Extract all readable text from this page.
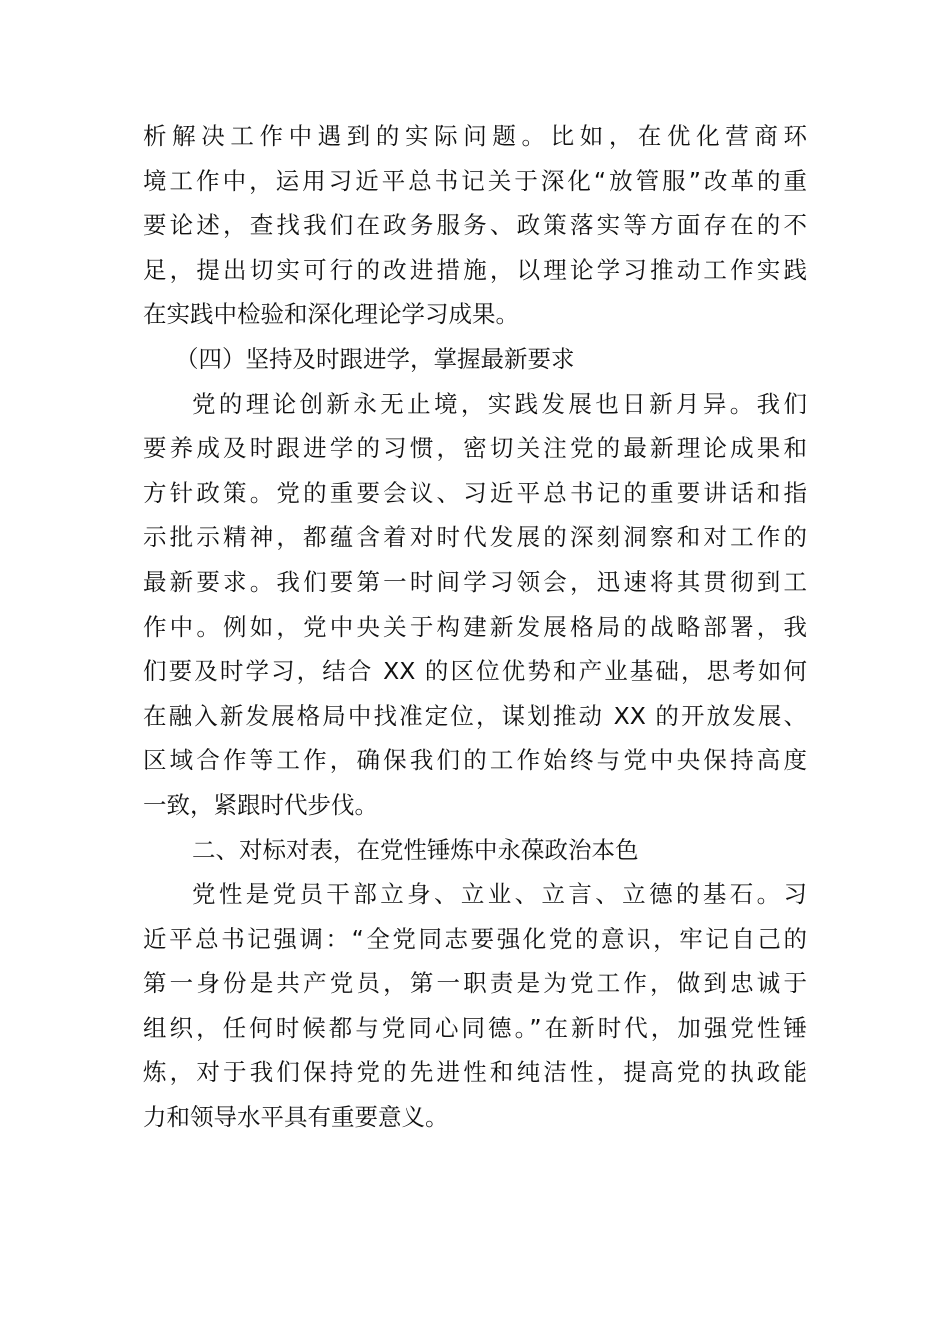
析解决工作中遇到的实际问题。比如，在优化营商环
境工作中，运用习近平总书记关于深化“放管服”改革的重
要论述，查找我们在政务服务、政策落实等方面存在的不
足，提出切实可行的改进措施，以理论学习推动工作实践
在实践中检验和深化理论学习成果。
（四）坚持及时跟进学，掌握最新要求
党的理论创新永无止境，实践发展也日新月异。我们
要养成及时跟进学的习惯，密切关注党的最新理论成果和
方针政策。党的重要会议、习近平总书记的重要讲话和指
示批示精神，都蕴含着对时代发展的深刻洞察和对工作的
最新要求。我们要第一时间学习领会，迅速将其贯彻到工
作中。例如，党中央关于构建新发展格局的战略部署，我
们要及时学习，结合 XX 的区位优势和产业基础，思考如何
在融入新发展格局中找准定位，谋划推动 XX 的开放发展、
区域合作等工作，确保我们的工作始终与党中央保持高度
一致，紧跟时代步伐。
二、对标对表，在党性锤炼中永葆政治本色
党性是党员干部立身、立业、立言、立德的基石。习
近平总书记强调：“全党同志要强化党的意识，牢记自己的
第一身份是共产党员，第一职责是为党工作，做到忠诚于
组织，任何时候都与党同心同德。”在新时代，加强党性锤
炼，对于我们保持党的先进性和纯洁性，提高党的执政能
力和领导水平具有重要意义。
